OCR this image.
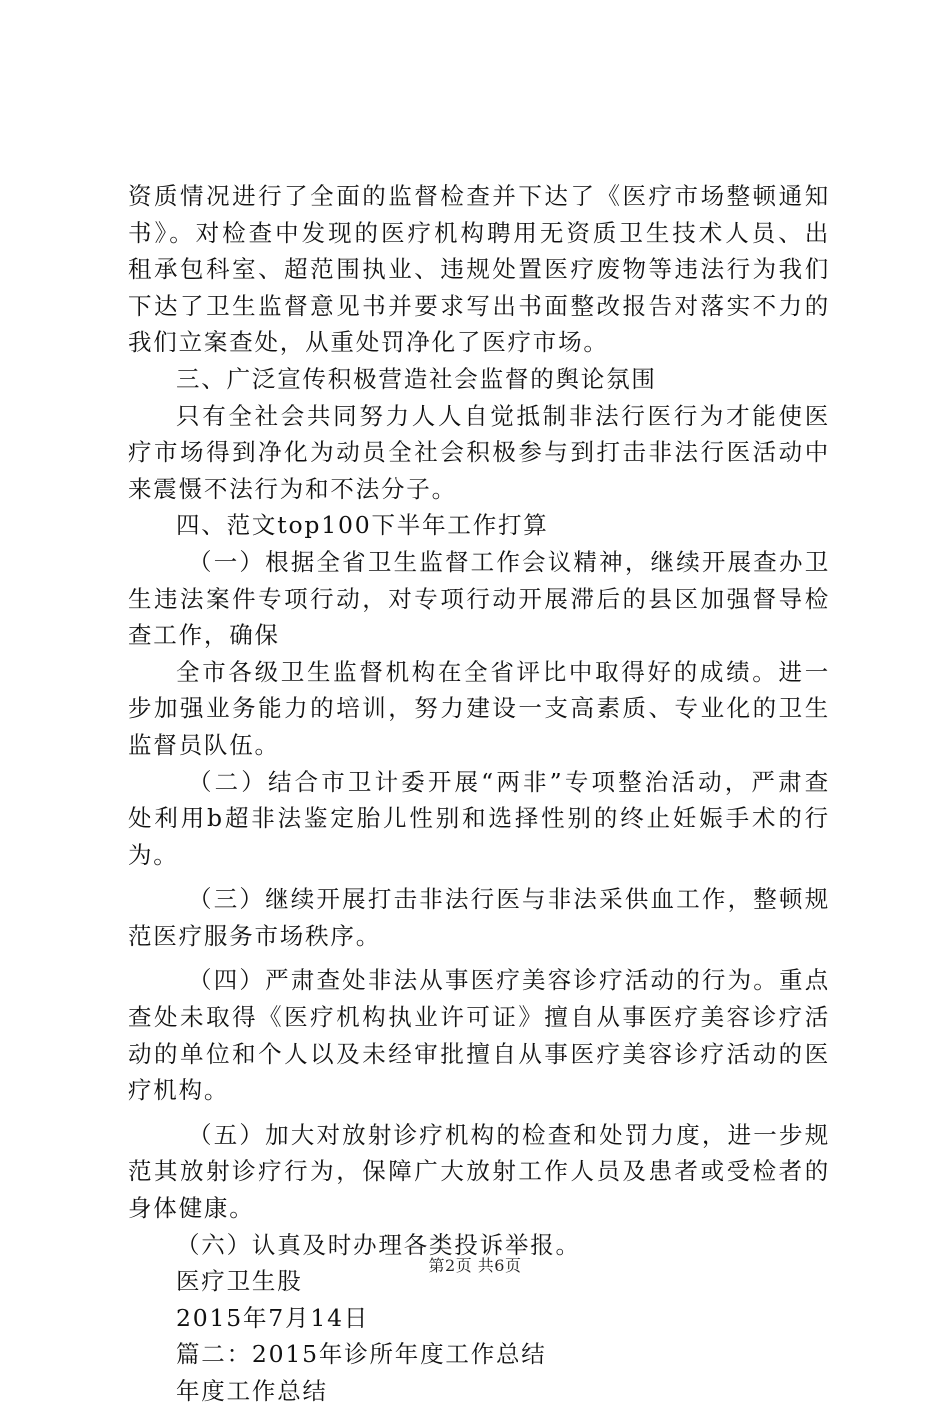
资质情况进行了全面的监督检查并下达了《医疗市场整顿通知
书》。对检查中发现的医疗机构聘用无资质卫生技术人员、出
租承包科室、超范围执业、违规处置医疗废物等违法行为我们
下达了卫生监督意见书并要求写出书面整改报告对落实不力的
我们立案查处，从重处罚净化了医疗市场。
三、广泛宣传积极营造社会监督的舆论氛围
只有全社会共同努力人人自觉抵制非法行医行为才能使医
疗市场得到净化为动员全社会积极参与到打击非法行医活动中
来震慑不法行为和不法分子。
四、范文top100下半年工作打算
（一）根据全省卫生监督工作会议精神，继续开展查办卫
生违法案件专项行动，对专项行动开展滞后的县区加强督导检
查工作，确保
全市各级卫生监督机构在全省评比中取得好的成绩。进一
步加强业务能力的培训，努力建设一支高素质、专业化的卫生
监督员队伍。
（二）结合市卫计委开展“两非”专项整治活动，严肃查
处利用b超非法鉴定胎儿性别和选择性别的终止妊娠手术的行
为。
（三）继续开展打击非法行医与非法采供血工作，整顿规
范医疗服务市场秩序。
（四）严肃查处非法从事医疗美容诊疗活动的行为。重点
查处未取得《医疗机构执业许可证》擅自从事医疗美容诊疗活
动的单位和个人以及未经审批擅自从事医疗美容诊疗活动的医
疗机构。
（五）加大对放射诊疗机构的检查和处罚力度，进一步规
范其放射诊疗行为，保障广大放射工作人员及患者或受检者的
身体健康。
（六）认真及时办理各类投诉举报。
医疗卫生股
2015年7月14日
篇二：2015年诊所年度工作总结
年度工作总结
第2页 共6页
